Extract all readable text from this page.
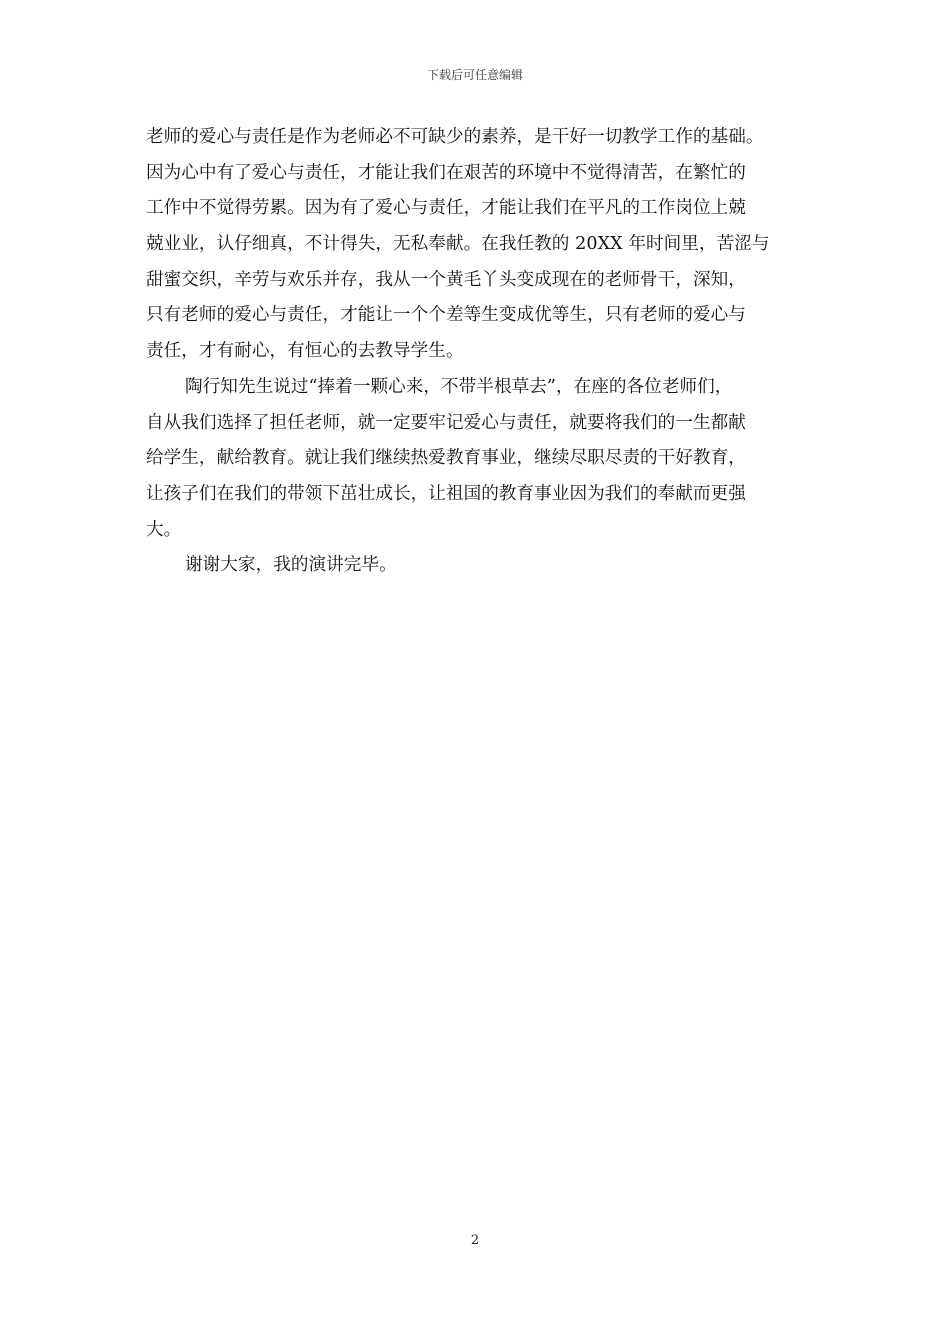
下载后可任意编辑
老师的爱心与责任是作为老师必不可缺少的素养，是干好一切教学工作的基础。
因为心中有了爱心与责任，才能让我们在艰苦的环境中不觉得清苦，在繁忙的
工作中不觉得劳累。因为有了爱心与责任，才能让我们在平凡的工作岗位上兢
兢业业，认仔细真，不计得失，无私奉献。在我任教的 20XX 年时间里，苦涩与
甜蜜交织，辛劳与欢乐并存，我从一个黄毛丫头变成现在的老师骨干，深知，
只有老师的爱心与责任，才能让一个个差等生变成优等生，只有老师的爱心与
责任，才有耐心，有恒心的去教导学生。
陶行知先生说过“捧着一颗心来，不带半根草去”，在座的各位老师们，
自从我们选择了担任老师，就一定要牢记爱心与责任，就要将我们的一生都献
给学生，献给教育。就让我们继续热爱教育事业，继续尽职尽责的干好教育，
让孩子们在我们的带领下茁壮成长，让祖国的教育事业因为我们的奉献而更强
大。
谢谢大家，我的演讲完毕。
2
